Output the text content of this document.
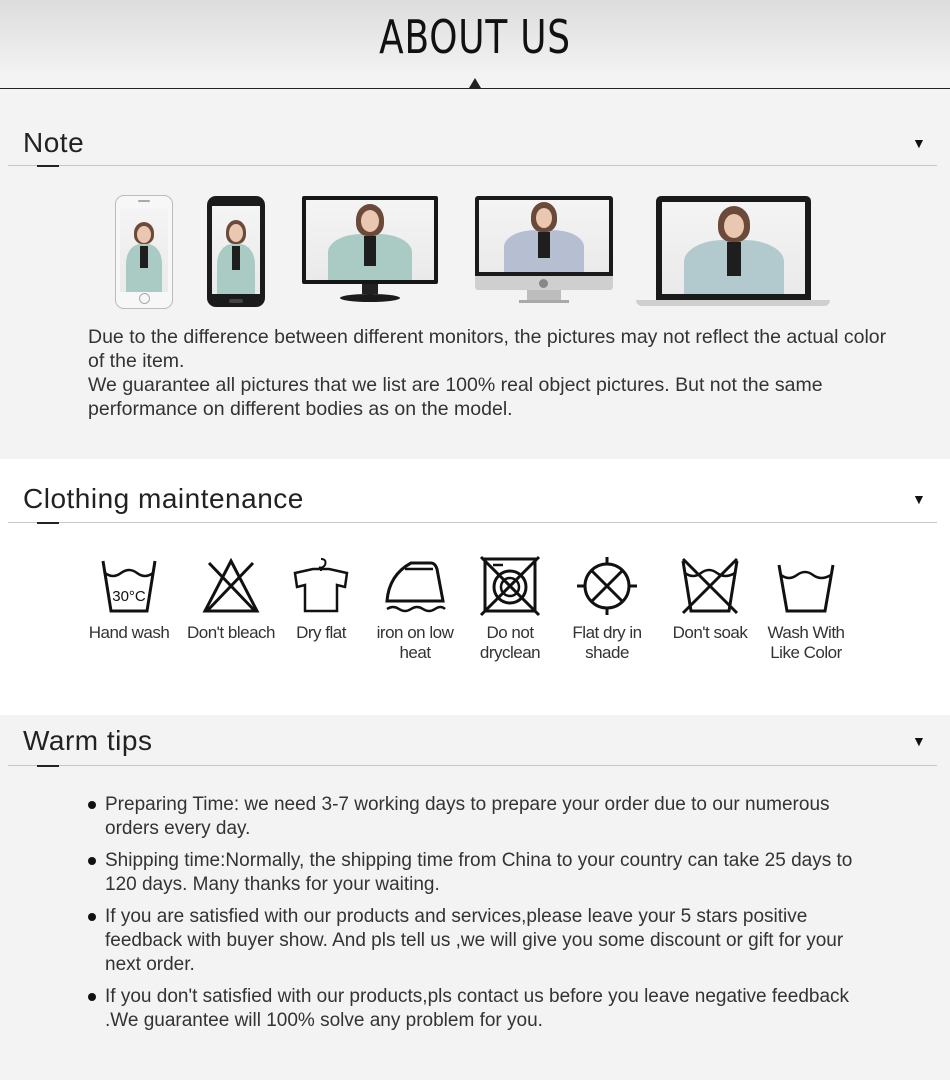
ABOUT US
Note	▼

Due to the difference between different monitors, the pictures may not reflect the actual color of the item.

We guarantee all pictures that we list are 100% real object pictures. But not the same performance on different bodies as on the model.

Clothing maintenance	▼
30°C
Hand wash	Don't bleach	Dry flat	iron on low heat
Do not dryclean
Flat dry in shade
Don't soak	Wash With Like Color
Warm tips	▼
Preparing Time: we need 3-7 working days to prepare your order due to our numerous orders every day.
Shipping time:Normally, the shipping time from China to your country can take 25 days to 120 days. Many thanks for your waiting.
If you are satisfied with our products and services,please leave your 5 stars positive feedback with buyer show. And pls tell us ,we will give you some discount or gift for your next order.
If you don't satisfied with our products,pls contact us before you leave negative feedback .We guarantee will 100% solve any problem for you.
